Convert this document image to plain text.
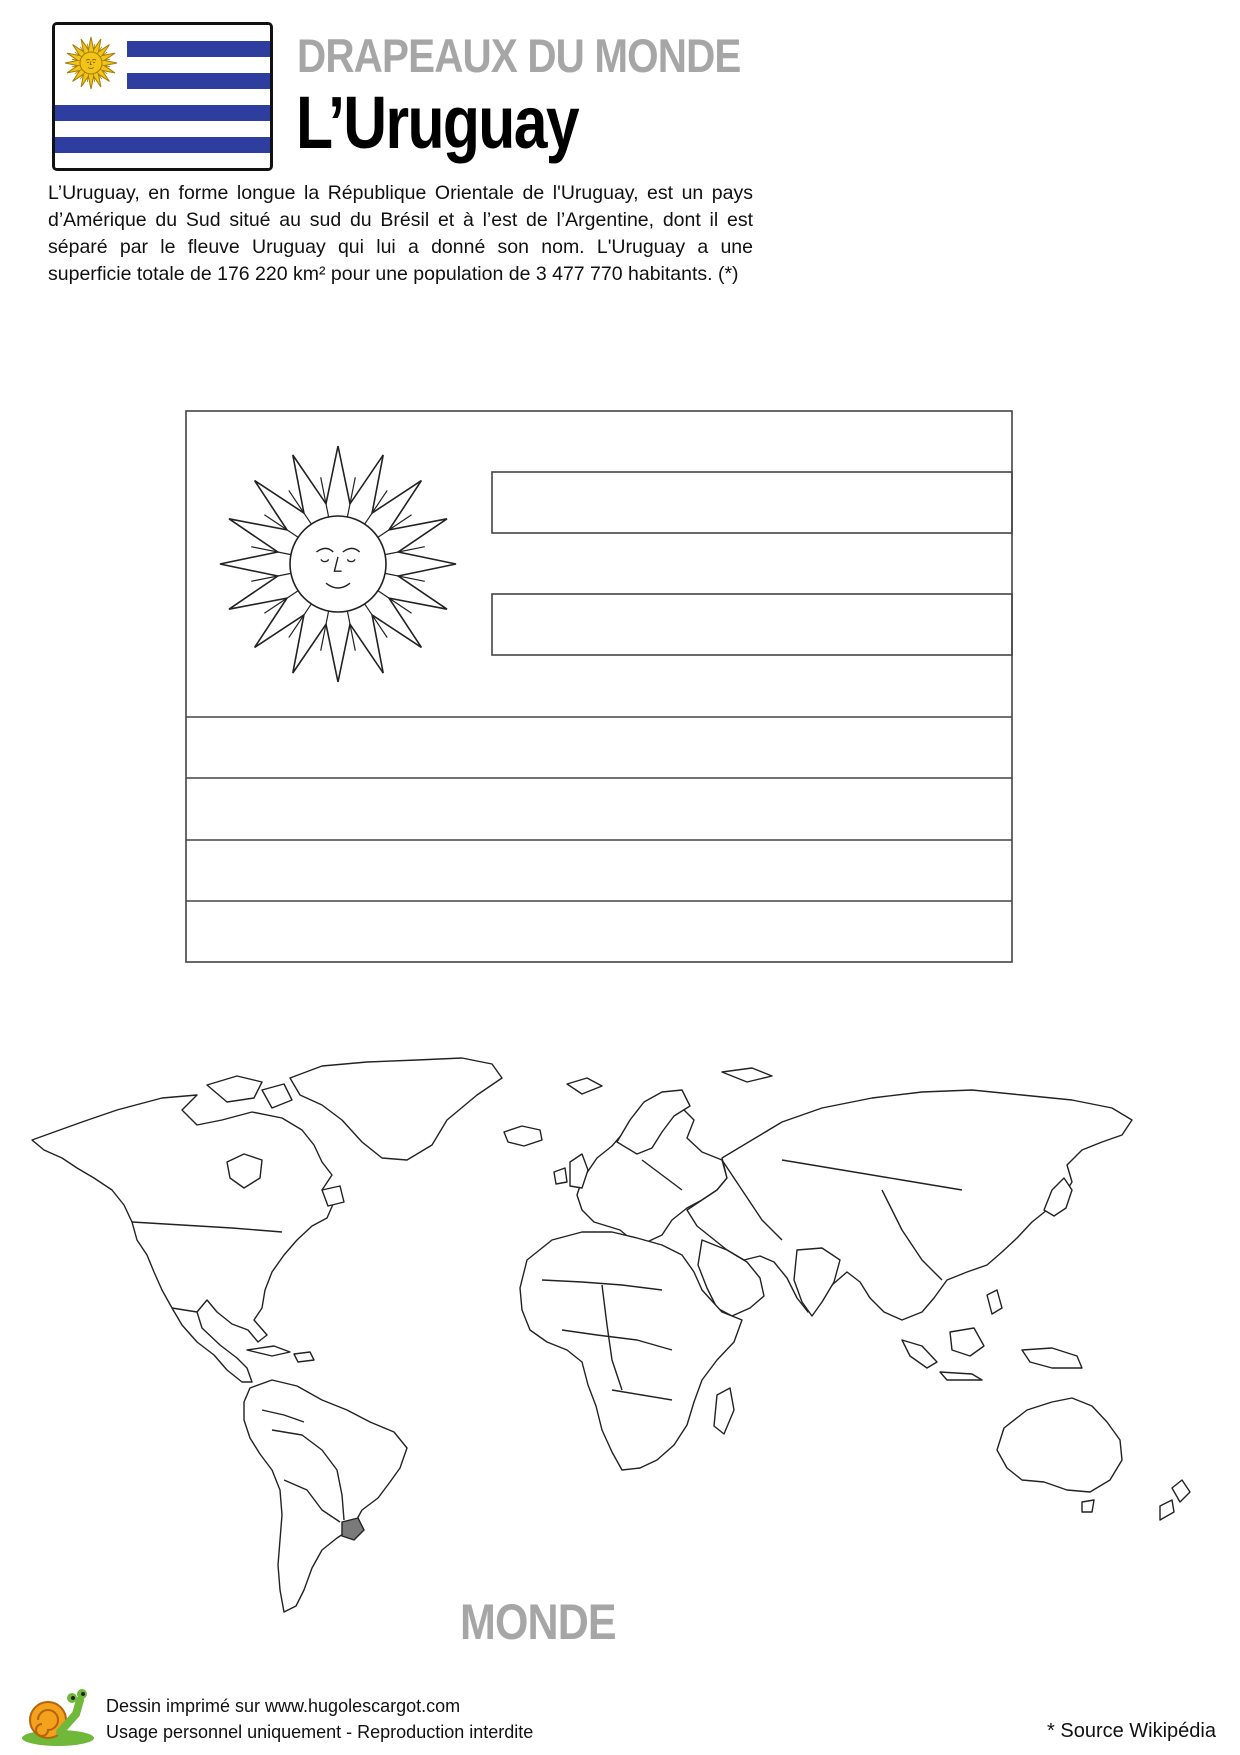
DRAPEAUX DU MONDE
L’Uruguay
L’Uruguay, en forme longue la République Orientale de l'Uruguay, est un pays d’Amérique du Sud situé au sud du Brésil et à l’est de l’Argentine, dont il est séparé par le fleuve Uruguay qui lui a donné son nom. L'Uruguay a une superficie totale de 176 220 km² pour une population de 3 477 770 habitants. (*)
MONDE
Dessin imprimé sur www.hugolescargot.com
Usage personnel uniquement - Reproduction interdite	* Source Wikipédia
